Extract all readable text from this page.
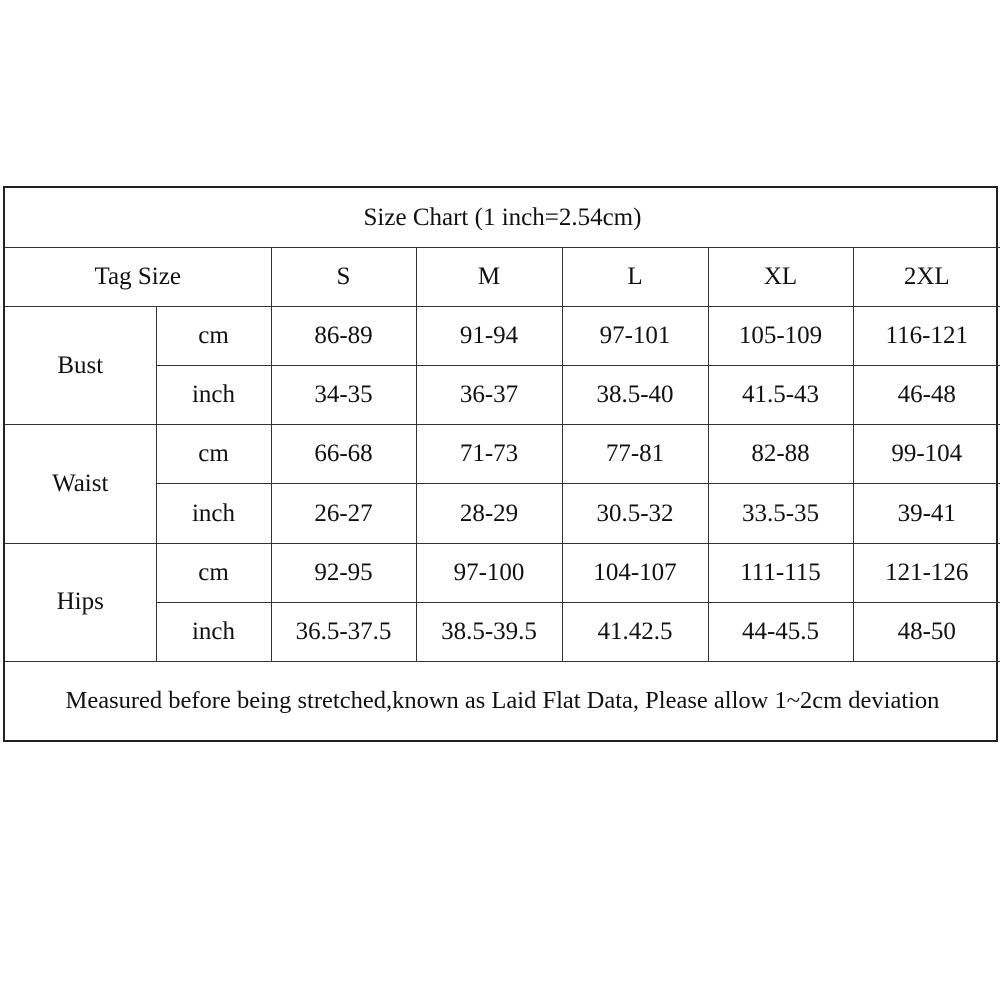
Size Chart (1 inch=2.54cm)						
Tag Size		S	M	L	XL	2XL
Bust	cm	86-89	91-94	97-101	105-109	116-121
	inch	34-35	36-37	38.5-40	41.5-43	46-48
Waist	cm	66-68	71-73	77-81	82-88	99-104
	inch	26-27	28-29	30.5-32	33.5-35	39-41
Hips	cm	92-95	97-100	104-107	111-115	121-126
	inch	36.5-37.5	38.5-39.5	41.42.5	44-45.5	48-50
Measured before being stretched,known as Laid Flat Data, Please allow 1~2cm deviation						
